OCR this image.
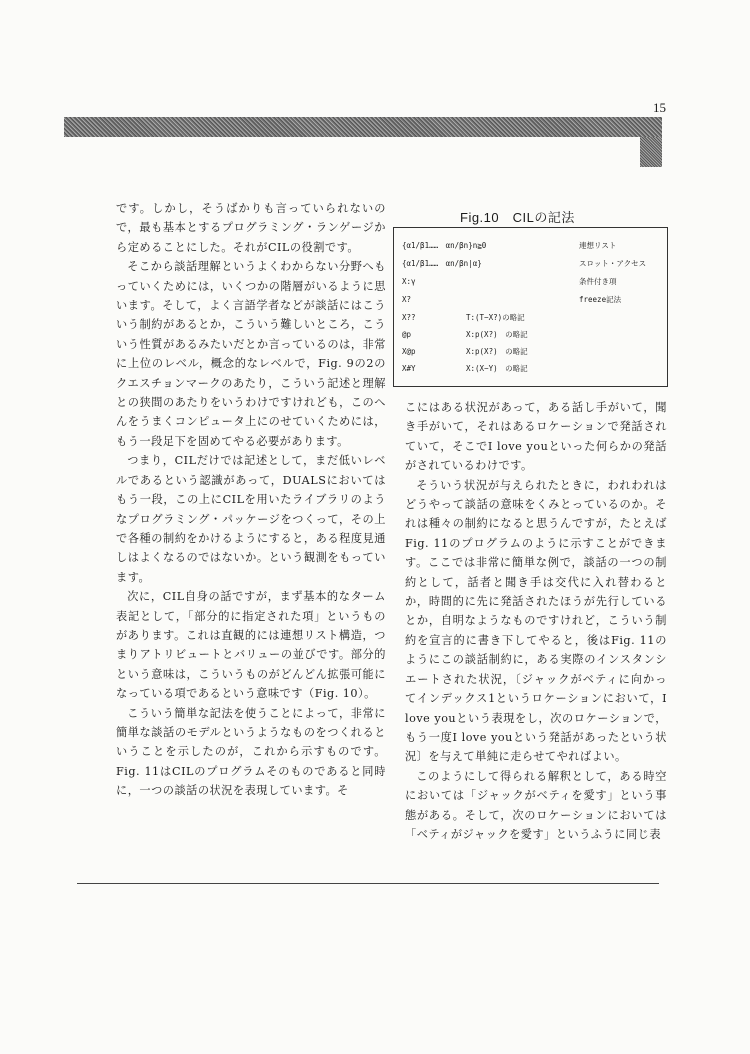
15

です。しかし，そうばかりも言っていられないので，最も基本とするプログラミング・ランゲージから定めることにした。それがCILの役割です。

そこから談話理解というよくわからない分野へもっていくためには，いくつかの階層がいるように思います。そして，よく言語学者などが談話にはこういう制約があるとか，こういう難しいところ，こういう性質があるみたいだとか言っているのは，非常に上位のレベル，概念的なレベルで，Fig. 9の2のクエスチョンマークのあたり，こういう記述と理解との狭間のあたりをいうわけですけれども，このへんをうまくコンピュータ上にのせていくためには，もう一段足下を固めてやる必要があります。

つまり，CILだけでは記述として，まだ低いレベルであるという認識があって，DUALSにおいてはもう一段，この上にCILを用いたライブラリのようなプログラミング・パッケージをつくって，その上で各種の制約をかけるようにすると，ある程度見通しはよくなるのではないか。という観測をもっています。

次に，CIL自身の話ですが，まず基本的なターム表記として，「部分的に指定された項」というものがあります。これは直観的には連想リスト構造，つまりアトリビュートとバリューの並びです。部分的という意味は，こういうものがどんどん拡張可能になっている項であるという意味です（Fig. 10）。

こういう簡単な記法を使うことによって，非常に簡単な談話のモデルというようなものをつくれるということを示したのが，これから示すものです。Fig. 11はCILのプログラムそのものであると同時に，一つの談話の状況を表現しています。そ

Fig.10　CILの記法
{α1/β1……　αn/βn}n≧0	連想リスト
{α1/β1……　αn/βn|α}	スロット・アクセス
X:γ	条件付き項
X?	freeze記法
X??	T:(T−X?)の略記
@p	X:p(X?)　の略記
X@p	X:p(X?)　の略記
X#Y	X:(X−Y)　の略記

こにはある状況があって，ある話し手がいて，聞き手がいて，それはあるロケーションで発話されていて，そこでI love youといった何らかの発話がされているわけです。

そういう状況が与えられたときに，われわれはどうやって談話の意味をくみとっているのか。それは種々の制約になると思うんですが，たとえばFig. 11のプログラムのように示すことができます。ここでは非常に簡単な例で，談話の一つの制約として，話者と聞き手は交代に入れ替わるとか，時間的に先に発話されたほうが先行しているとか，自明なようなものですけれど，こういう制約を宣言的に書き下してやると，後はFig. 11のようにこの談話制約に，ある実際のインスタンシエートされた状況，〔ジャックがベティに向かってインデックス1というロケーションにおいて，I love youという表現をし，次のロケーションで，もう一度I love youという発話があったという状況〕を与えて単純に走らせてやればよい。

このようにして得られる解釈として，ある時空においては「ジャックがベティを愛す」という事態がある。そして，次のロケーションにおいては「ベティがジャックを愛す」というふうに同じ表
